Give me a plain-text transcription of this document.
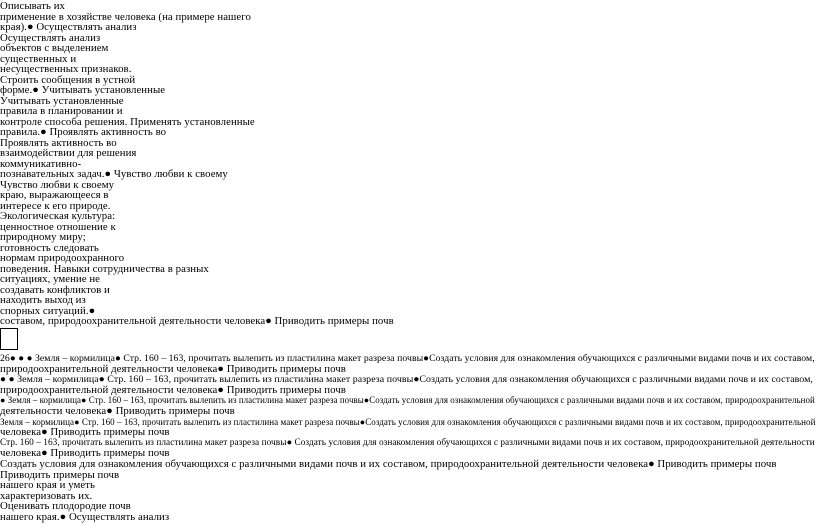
Описывать их

применение в хозяйстве человека (на примере нашего

края).● Осуществлять анализ

Осуществлять анализ

объектов с выделением

существенных и

несущественных признаков.

Строить сообщения в устной

форме.● Учитывать установленные

Учитывать установленные

правила в планировании и

контроле способа решения. Применять установленные

правила.● Проявлять активность во

Проявлять активность во

взаимодействии для решения

коммуникативно-

познавательных задач.● Чувство любви к своему

Чувство любви к своему

краю, выражающееся в

интересе к его природе.

Экологическая культура:

ценностное отношение к

природному миру;

готовность следовать

нормам природоохранного

поведения. Навыки сотрудничества в разных

ситуациях, умение не

создавать конфликтов и

находить выход из

спорных ситуаций.●

составом, природоохранительной деятельности человека● Приводить примеры почв

26● ● ● Земля – кормилица● Стр. 160 – 163, прочитать вылепить из пластилина макет разреза почвы●Создать условия для ознакомления обучающихся с различными видами почв и их составом,

природоохранительной деятельности человека● Приводить примеры почв

● ● Земля – кормилица● Стр. 160 – 163, прочитать вылепить из пластилина макет разреза почвы●Создать условия для ознакомления обучающихся с различными видами почв и их составом,

природоохранительной деятельности человека● Приводить примеры почв

● Земля – кормилица● Стр. 160 – 163, прочитать вылепить из пластилина макет разреза почвы●Создать условия для ознакомления обучающихся с различными видами почв и их составом, природоохранительной

деятельности человека● Приводить примеры почв

Земля – кормилица● Стр. 160 – 163, прочитать вылепить из пластилина макет разреза почвы●Создать условия для ознакомления обучающихся с различными видами почв и их составом, природоохранительной

человека● Приводить примеры почв

Стр. 160 – 163, прочитать вылепить из пластилина макет разреза почвы● Создать условия для ознакомления обучающихся с различными видами почв и их составом, природоохранительной деятельности

человека● Приводить примеры почв

Создать условия для ознакомления обучающихся с различными видами почв и их составом, природоохранительной деятельности человека● Приводить примеры почв

Приводить примеры почв

нашего края и уметь

характеризовать их.

Оценивать плодородие почв

нашего края.● Осуществлять анализ
